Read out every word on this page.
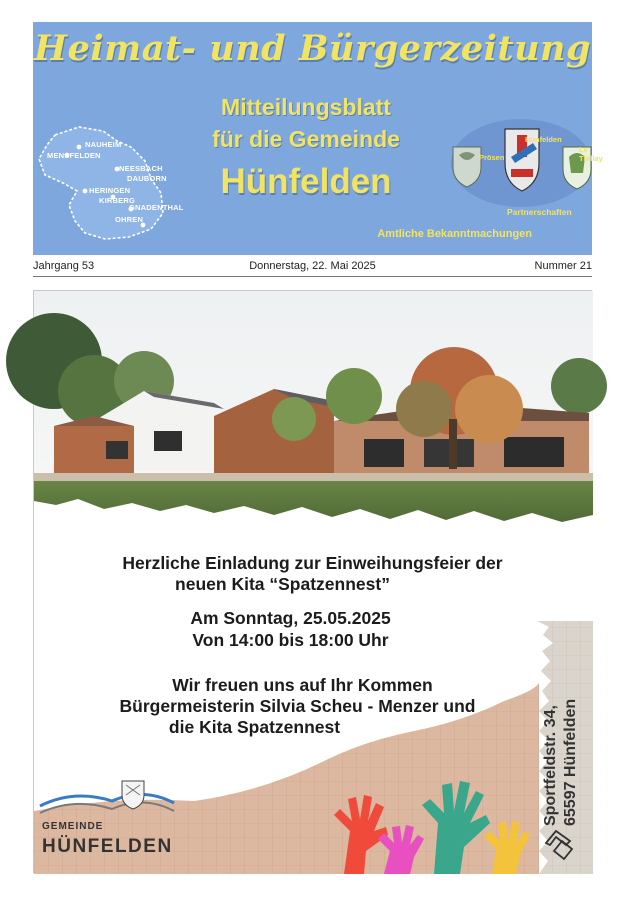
Heimat- und Bürgerzeitung
NAUHEIM
MENSFELDEN
NEESBACH
DAUBORN
HERINGEN
KIRBERG
GNADENTHAL
OHREN
Mitteilungsblatt
für die Gemeinde
Hünfelden
Prösen
Hünfelden
Le Thillay
Partnerschaften
Amtliche Bekanntmachungen
Donnerstag, 22. Mai 2025
Jahrgang 53	Nummer 21
Herzliche Einladung zur Einweihungsfeier der
neuen Kita “Spatzennest”
Am Sonntag, 25.05.2025
Von 14:00 bis 18:00 Uhr
Wir freuen uns auf Ihr Kommen
Bürgermeisterin Silvia Scheu - Menzer und
die Kita Spatzennest	Sportfeldstr. 34, 65597 Hünfelden
GEMEINDE
HÜNFELDEN
